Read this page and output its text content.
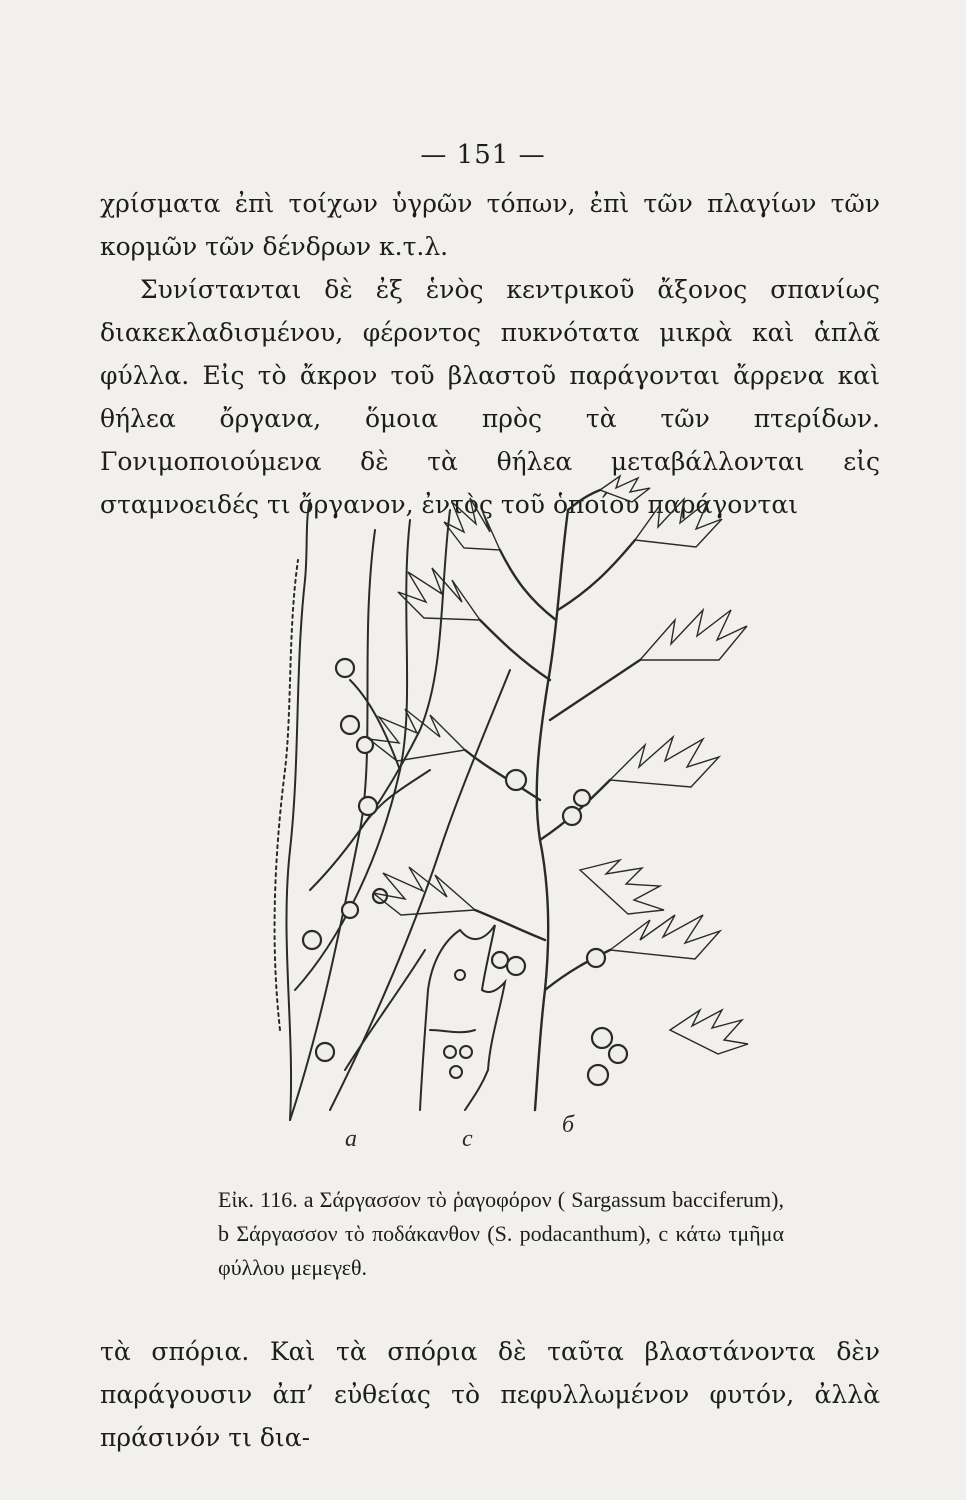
— 151 —
χρίσματα ἐπὶ τοίχων ὑγρῶν τόπων, ἐπὶ τῶν πλαγίων τῶν κορμῶν τῶν δένδρων κ.τ.λ.
Συνίστανται δὲ ἐξ ἑνὸς κεντρικοῦ ἄξονος σπανίως διακεκλαδισμένου, φέροντος πυκνότατα μικρὰ καὶ ἁπλᾶ φύλλα. Εἰς τὸ ἄκρον τοῦ βλαστοῦ παράγονται ἄρρενα καὶ θήλεα ὄργανα, ὅμοια πρὸς τὰ τῶν πτερίδων. Γονιμοποιούμενα δὲ τὰ θήλεα μεταβάλλονται εἰς σταμνοειδές τι ὄργανον, ἐντὸς τοῦ ὁποίου παράγονται
a	c
б
Εἰκ. 116. a Σάργασσον τὸ ῥαγοφόρον ( Sargassum bacciferum), b Σάργασσον τὸ ποδάκανθον (S. podacanthum), c κάτω τμῆμα φύλλου μεμεγεθ.
τὰ σπόρια. Καὶ τὰ σπόρια δὲ ταῦτα βλαστάνοντα δὲν παράγουσιν ἀπ’ εὐθείας τὸ πεφυλλωμένον φυτόν, ἀλλὰ πράσινόν τι δια-
